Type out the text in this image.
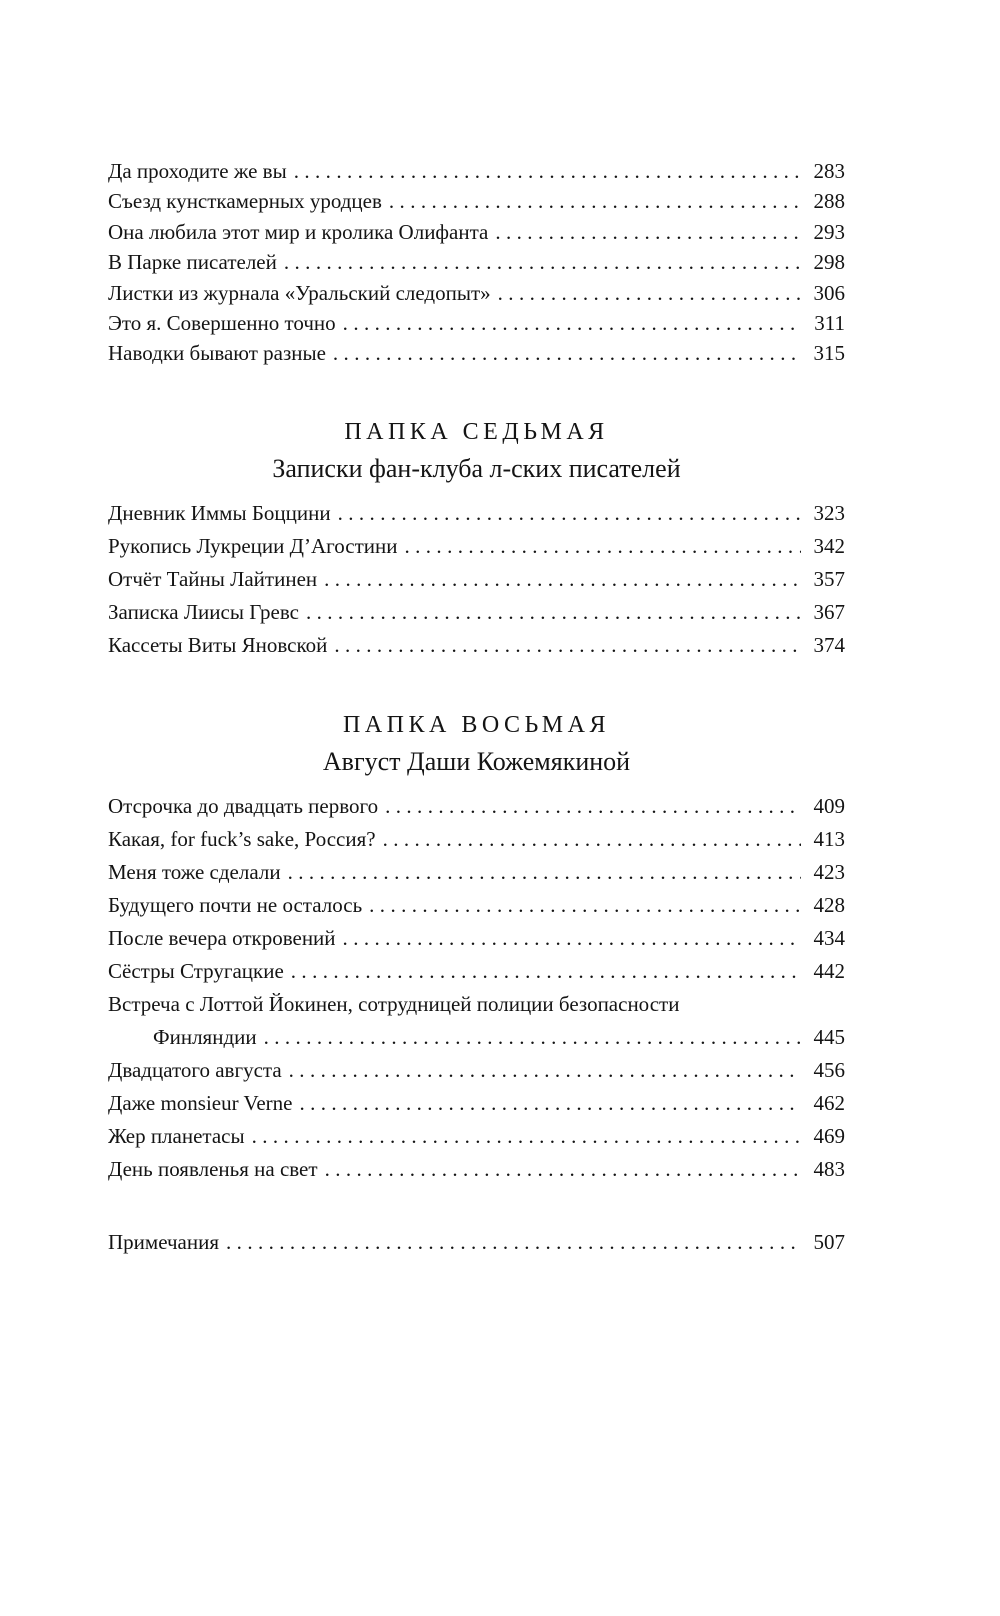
Да проходите же вы .....	283
Съезд кунсткамерных уродцев .....	288
Она любила этот мир и кролика Олифанта .....	293
В Парке писателей .....	298
Листки из журнала «Уральский следопыт» .....	306
Это я. Совершенно точно .....	311
Наводки бывают разные .....	315
ПАПКА СЕДЬМАЯ
Записки фан-клуба л-ских писателей
Дневник Иммы Боццини .....	323
Рукопись Лукреции Д’Агостини .....	342
Отчёт Тайны Лайтинен .....	357
Записка Лиисы Гревс .....	367
Кассеты Виты Яновской .....	374
ПАПКА ВОСЬМАЯ
Август Даши Кожемякиной
Отсрочка до двадцать первого .....	409
Какая, for fuck’s sake, Россия? .....	413
Меня тоже сделали .....	423
Будущего почти не осталось .....	428
После вечера откровений .....	434
Сёстры Стругацкие .....	442
Встреча с Лоттой Йокинен, сотрудницей полиции безопасности
Финляндии .....	445
Двадцатого августа .....	456
Даже monsieur Verne .....	462
Жер планетасы .....	469
День появленья на свет .....	483
Примечания .....	507
